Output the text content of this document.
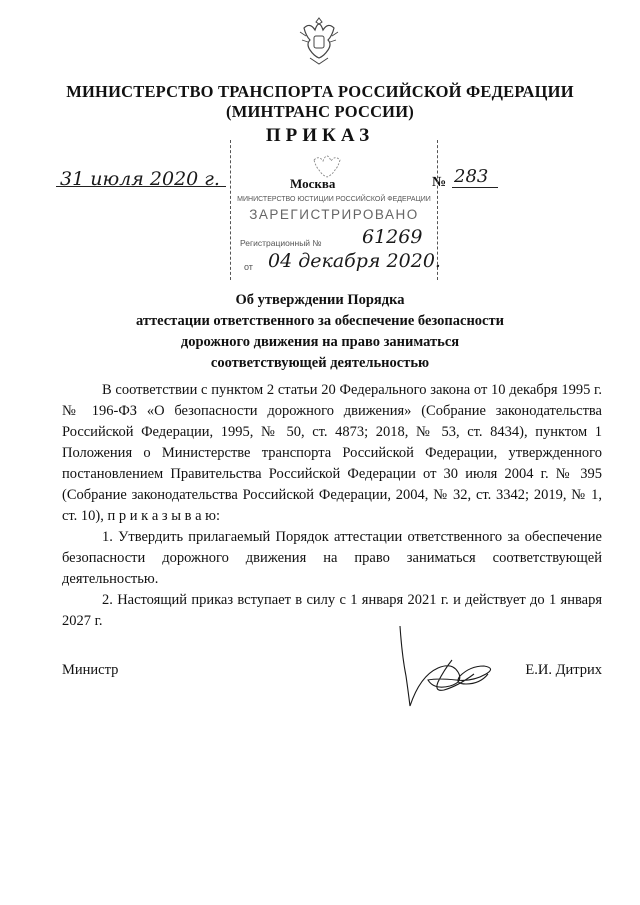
МИНИСТЕРСТВО ТРАНСПОРТА РОССИЙСКОЙ ФЕДЕРАЦИИ
(МИНТРАНС РОССИИ)
ПРИКАЗ
31 июля 2020 г.	Москва	№ 283
МИНИСТЕРСТВО ЮСТИЦИИ РОССИЙСКОЙ ФЕДЕРАЦИИ
ЗАРЕГИСТРИРОВАНО
Регистрационный № 61269
от 04 декабря 2020.
Об утверждении Порядка
аттестации ответственного за обеспечение безопасности
дорожного движения на право заниматься
соответствующей деятельностью

В соответствии с пунктом 2 статьи 20 Федерального закона от 10 декабря 1995 г. № 196-ФЗ «О безопасности дорожного движения» (Собрание законодательства Российской Федерации, 1995, № 50, ст. 4873; 2018, № 53, ст. 8434), пунктом 1 Положения о Министерстве транспорта Российской Федерации, утвержденного постановлением Правительства Российской Федерации от 30 июля 2004 г. № 395 (Собрание законодательства Российской Федерации, 2004, № 32, ст. 3342; 2019, № 1, ст. 10), п р и к а з ы в а ю:

1. Утвердить прилагаемый Порядок аттестации ответственного за обеспечение безопасности дорожного движения на право заниматься соответствующей деятельностью.

2. Настоящий приказ вступает в силу с 1 января 2021 г. и действует до 1 января 2027 г.

Министр	Е.И. Дитрих
